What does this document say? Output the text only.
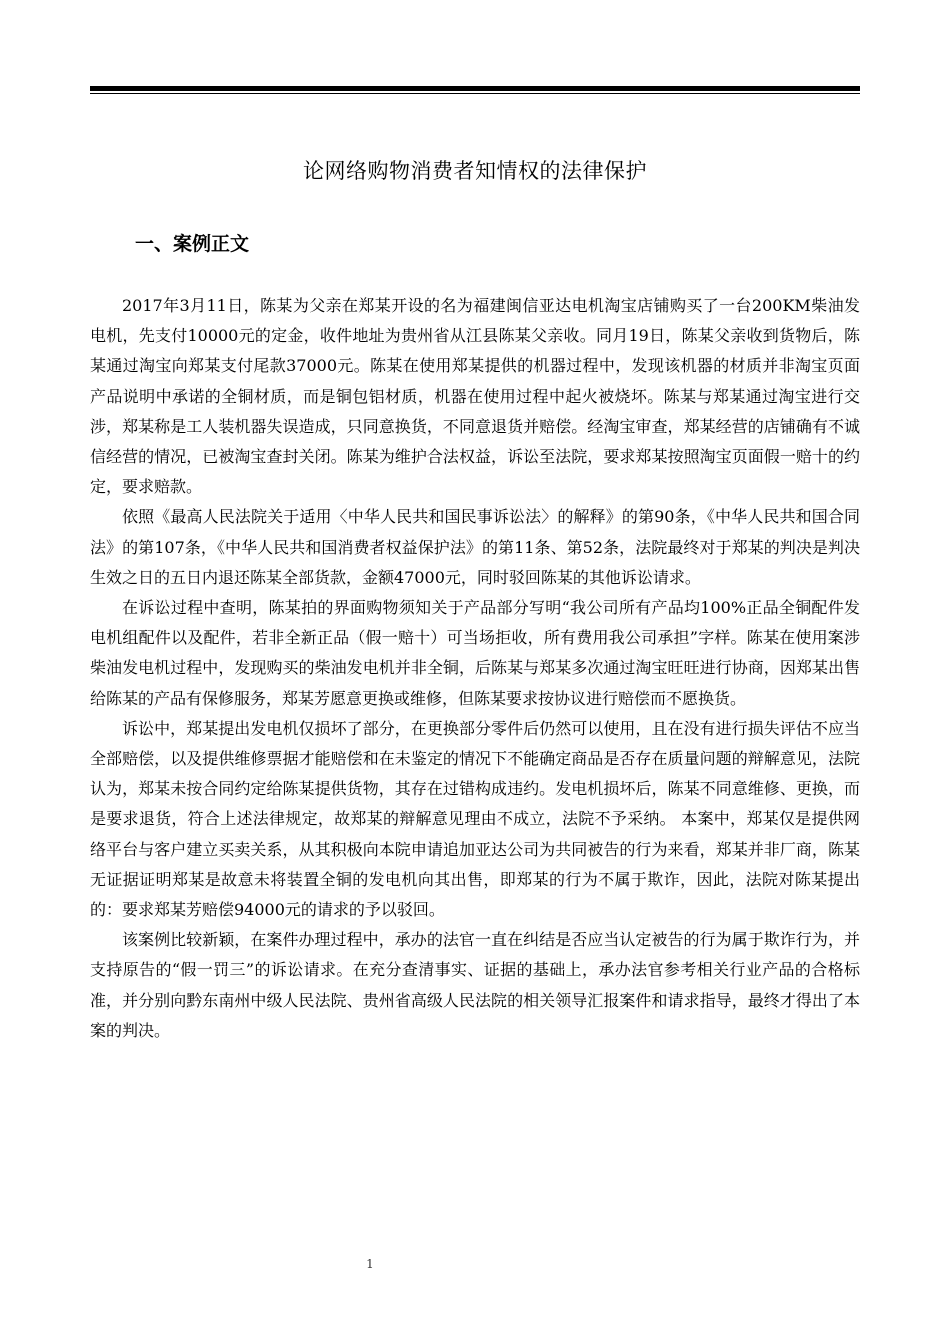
论网络购物消费者知情权的法律保护
一、案例正文

2017年3月11日，陈某为父亲在郑某开设的名为福建闽信亚达电机淘宝店铺购买了一台200KM柴油发电机，先支付10000元的定金，收件地址为贵州省从江县陈某父亲收。同月19日，陈某父亲收到货物后，陈某通过淘宝向郑某支付尾款37000元。陈某在使用郑某提供的机器过程中，发现该机器的材质并非淘宝页面产品说明中承诺的全铜材质，而是铜包铝材质，机器在使用过程中起火被烧坏。陈某与郑某通过淘宝进行交涉，郑某称是工人装机器失误造成，只同意换货，不同意退货并赔偿。经淘宝审查，郑某经营的店铺确有不诚信经营的情况，已被淘宝查封关闭。陈某为维护合法权益，诉讼至法院，要求郑某按照淘宝页面假一赔十的约定，要求赔款。

依照《最高人民法院关于适用〈中华人民共和国民事诉讼法〉的解释》的第90条，《中华人民共和国合同法》的第107条，《中华人民共和国消费者权益保护法》的第11条、第52条，法院最终对于郑某的判决是判决生效之日的五日内退还陈某全部货款，金额47000元，同时驳回陈某的其他诉讼请求。

在诉讼过程中查明，陈某拍的界面购物须知关于产品部分写明“我公司所有产品均100%正品全铜配件发电机组配件以及配件，若非全新正品（假一赔十）可当场拒收，所有费用我公司承担”字样。陈某在使用案涉柴油发电机过程中，发现购买的柴油发电机并非全铜，后陈某与郑某多次通过淘宝旺旺进行协商，因郑某出售给陈某的产品有保修服务，郑某芳愿意更换或维修，但陈某要求按协议进行赔偿而不愿换货。

诉讼中，郑某提出发电机仅损坏了部分，在更换部分零件后仍然可以使用，且在没有进行损失评估不应当全部赔偿，以及提供维修票据才能赔偿和在未鉴定的情况下不能确定商品是否存在质量问题的辩解意见，法院认为，郑某未按合同约定给陈某提供货物，其存在过错构成违约。发电机损坏后，陈某不同意维修、更换，而是要求退货，符合上述法律规定，故郑某的辩解意见理由不成立，法院不予采纳。 本案中，郑某仅是提供网络平台与客户建立买卖关系，从其积极向本院申请追加亚达公司为共同被告的行为来看，郑某并非厂商，陈某无证据证明郑某是故意未将装置全铜的发电机向其出售，即郑某的行为不属于欺诈，因此，法院对陈某提出的：要求郑某芳赔偿94000元的请求的予以驳回。

该案例比较新颖，在案件办理过程中，承办的法官一直在纠结是否应当认定被告的行为属于欺诈行为，并支持原告的“假一罚三”的诉讼请求。在充分查清事实、证据的基础上，承办法官参考相关行业产品的合格标准，并分别向黔东南州中级人民法院、贵州省高级人民法院的相关领导汇报案件和请求指导，最终才得出了本案的判决。

1
